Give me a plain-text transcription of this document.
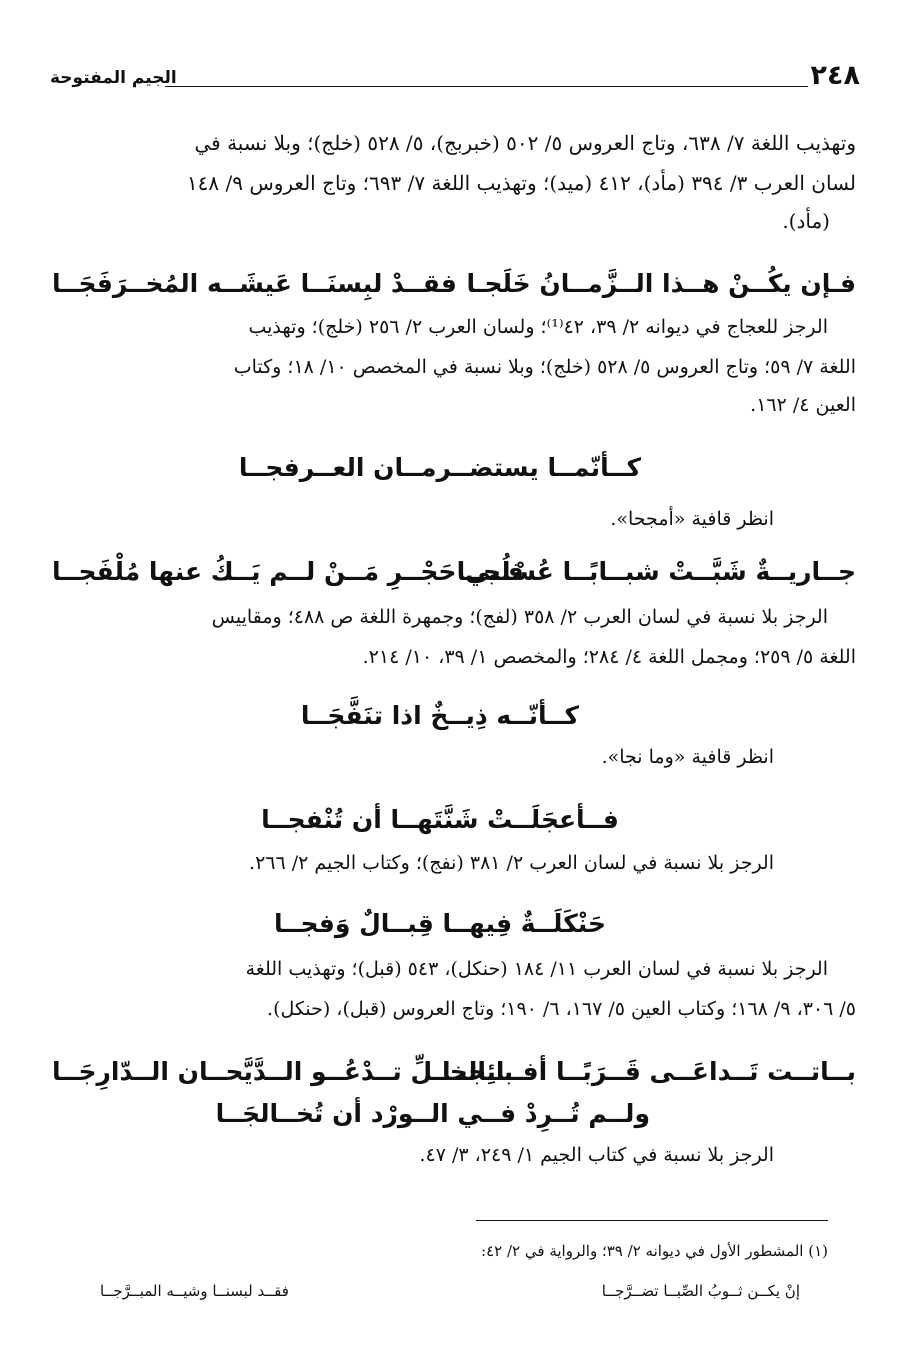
٢٤٨
الجيم المفتوحة
وتهذيب اللغة ٧/ ٦٣٨، وتاج العروس ٥/ ٥٠٢ (خبربج)، ٥/ ٥٢٨ (خلج)؛ وبلا نسبة في
لسان العرب ٣/ ٣٩٤ (مأد)، ٤١٢ (ميد)؛ وتهذيب اللغة ٧/ ٦٩٣؛ وتاج العروس ٩/ ١٤٨
(مأد).
فـإن يكُــنْ هــذا الــزَّمــانُ خَلَجـا
فقــدْ لبِسنَــا عَيشَــه المُخــرَفَجَــا
الرجز للعجاج في ديوانه ٢/ ٣٩، ٤٢⁽¹⁾؛ ولسان العرب ٢/ ٢٥٦ (خلج)؛ وتهذيب
اللغة ٧/ ٥٩؛ وتاج العروس ٥/ ٥٢٨ (خلج)؛ وبلا نسبة في المخصص ١٠/ ١٨؛ وكتاب
العين ٤/ ١٦٢.
كــأنّمــا يستضــرمــان العــرفجــا
انظر قافية «أمجحا».
جــاريــةٌ شَبَّــتْ شبــابًــا عُسْلُجــا
فــي حَجْــرِ مَــنْ لــم يَــكُ عنها مُلْفَجــا
الرجز بلا نسبة في لسان العرب ٢/ ٣٥٨ (لفج)؛ وجمهرة اللغة ص ٤٨٨؛ ومقاييس
اللغة ٥/ ٢٥٩؛ ومجمل اللغة ٤/ ٢٨٤؛ والمخصص ١/ ٣٩، ١٠/ ٢١٤.
كــأنّــه ذِيــخٌ اذا تنَفَّجَــا
انظر قافية «وما نجا».
فــأعجَلَــتْ شَنَّتَهــا أن تُنْفجــا
الرجز بلا نسبة في لسان العرب ٢/ ٣٨١ (نفج)؛ وكتاب الجيم ٢/ ٢٦٦.
حَنْكَلَــةٌ فِيهــا قِبــالٌ وَفجــا
الرجز بلا نسبة في لسان العرب ١١/ ١٨٤ (حنكل)، ٥٤٣ (قبل)؛ وتهذيب اللغة
٥/ ٣٠٦، ٩/ ١٦٨؛ وكتاب العين ٥/ ١٦٧، ٦/ ١٩٠؛ وتاج العروس (قبل)، (حنكل).
بــاتــت تَــداعَــى قَــرَبًــا أفــائِجــا
بــالخــلِّ تــدْعُــو الــدَّيَّحــان الــدّارِجَــا
ولــم تُــرِدْ فــي الــورْد أن تُخــالجَــا
الرجز بلا نسبة في كتاب الجيم ١/ ٢٤٩، ٣/ ٤٧.
(١) المشطور الأول في ديوانه ٢/ ٣٩؛ والرواية في ٢/ ٤٢:
إنْ يكــن ثــوبُ الصِّبــا تضــرَّجــا
فقــد لبسنــا وشيــه المبــرَّجــا
